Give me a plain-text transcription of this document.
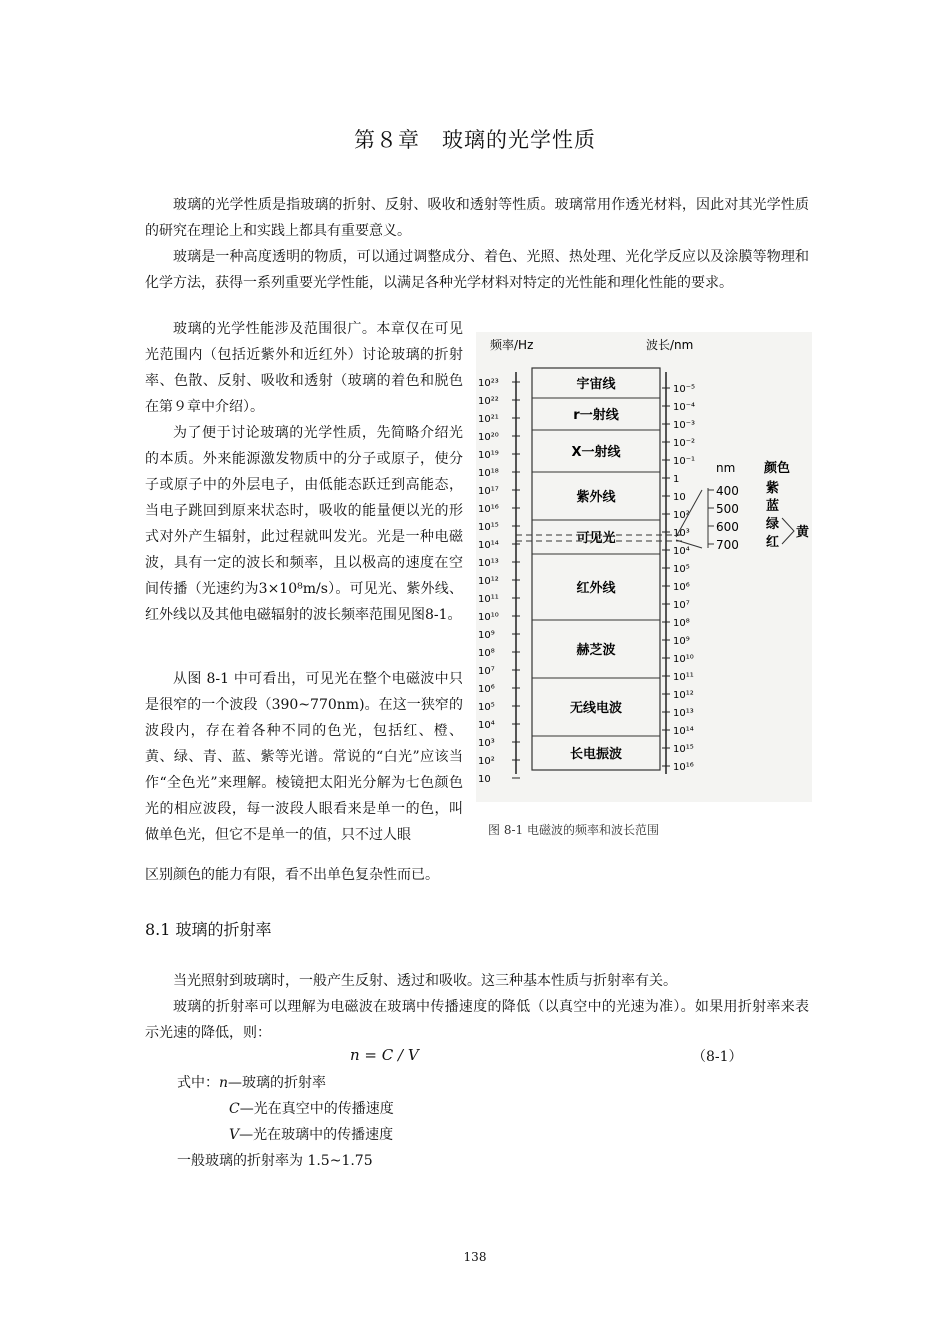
第８章　玻璃的光学性质

玻璃的光学性质是指玻璃的折射、反射、吸收和透射等性质。玻璃常用作透光材料，因此对其光学性质的研究在理论上和实践上都具有重要意义。

玻璃是一种高度透明的物质，可以通过调整成分、着色、光照、热处理、光化学反应以及涂膜等物理和化学方法，获得一系列重要光学性能，以满足各种光学材料对特定的光性能和理化性能的要求。

玻璃的光学性能涉及范围很广。本章仅在可见光范围内（包括近紫外和近红外）讨论玻璃的折射率、色散、反射、吸收和透射（玻璃的着色和脱色在第９章中介绍）。

为了便于讨论玻璃的光学性质，先简略介绍光的本质。外来能源激发物质中的分子或原子，使分子或原子中的外层电子，由低能态跃迁到高能态，当电子跳回到原来状态时，吸收的能量便以光的形式对外产生辐射，此过程就叫发光。光是一种电磁波，具有一定的波长和频率，且以极高的速度在空间传播（光速约为3×10⁸m/s）。可见光、紫外线、红外线以及其他电磁辐射的波长频率范围见图8-1。

从图 8-1 中可看出，可见光在整个电磁波中只是很窄的一个波段（390~770nm)。在这一狭窄的波段内，存在着各种不同的色光，包括红、橙、黄、绿、青、蓝、紫等光谱。常说的“白光”应该当作“全色光”来理解。棱镜把太阳光分解为七色颜色光的相应波段，每一波段人眼看来是单一的色，叫做单色光，但它不是单一的值，只不过人眼

区别颜色的能力有限，看不出单色复杂性而已。

频率/Hz	波长/nm
10²³
10²²
10²¹
10²⁰
10¹⁹
10¹⁸
10¹⁷
10¹⁶
10¹⁵
10¹⁴
10¹³
10¹²
10¹¹
10¹⁰
10⁹
10⁸
10⁷
10⁶
10⁵
10⁴
10³
10²
10
10⁻⁵
10⁻⁴
10⁻³
10⁻²
10⁻¹
1
10
10²
10³
10⁴
10⁵
10⁶
10⁷
10⁸
10⁹
10¹⁰
10¹¹
10¹²
10¹³
10¹⁴
10¹⁵
10¹⁶
宇宙线
r一射线
X一射线
紫外线
可见光
红外线
赫芝波
无线电波
长电振波
nm 颜色
400
500
600
700
紫
蓝
绿
红
黄
图 8-1 电磁波的频率和波长范围
8.1 玻璃的折射率

当光照射到玻璃时，一般产生反射、透过和吸收。这三种基本性质与折射率有关。

玻璃的折射率可以理解为电磁波在玻璃中传播速度的降低（以真空中的光速为准）。如果用折射率来表示光速的降低，则：

n = C / V	（8-1）
式中：n—玻璃的折射率
C—光在真空中的传播速度
V—光在玻璃中的传播速度
一般玻璃的折射率为 1.5~1.75
138
